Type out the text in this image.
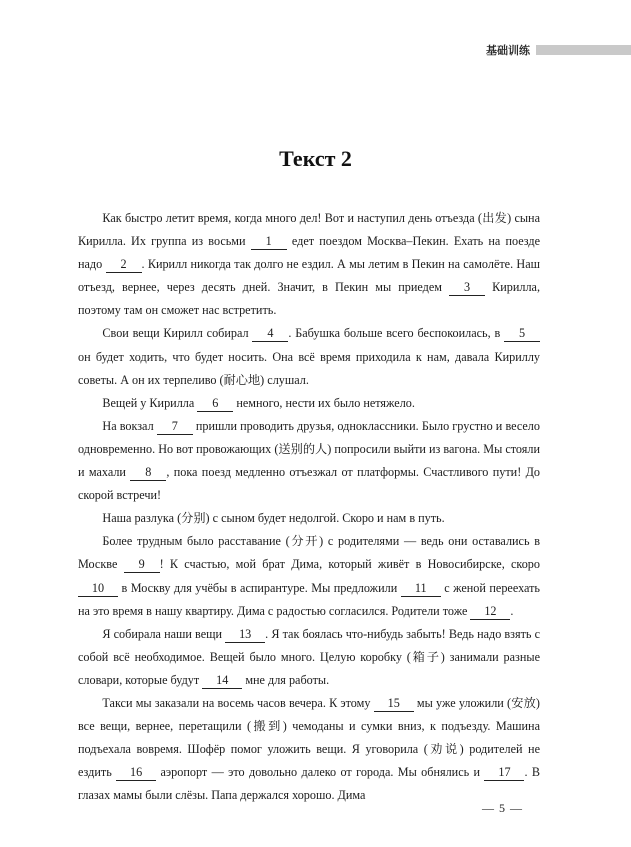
基础训练
Текст 2

Как быстро летит время, когда много дел! Вот и наступил день отъезда (出发) сына Кирилла. Их группа из восьми 1 едет поездом Москва–Пекин. Ехать на поезде надо 2 . Кирилл никогда так долго не ездил. А мы летим в Пекин на самолёте. Наш отъезд, вернее, через десять дней. Значит, в Пекин мы приедем 3 Кирилла, поэтому там он сможет нас встретить.

Свои вещи Кирилл собирал 4 . Бабушка больше всего беспокоилась, в 5 он будет ходить, что будет носить. Она всё время приходила к нам, давала Кириллу советы. А он их терпеливо (耐心地) слушал.

Вещей у Кирилла 6 немного, нести их было нетяжело.

На вокзал 7 пришли проводить друзья, одноклассники. Было грустно и весело одновременно. Но вот провожающих (送别的人) попросили выйти из вагона. Мы стояли и махали 8 , пока поезд медленно отъезжал от платформы. Счастливого пути! До скорой встречи!

Наша разлука (分别) с сыном будет недолгой. Скоро и нам в путь.

Более трудным было расставание (分开) с родителями — ведь они оставались в Москве 9 ! К счастью, мой брат Дима, который живёт в Новосибирске, скоро 10 в Москву для учёбы в аспирантуре. Мы предложили 11 с женой переехать на это время в нашу квартиру. Дима с радостью согласился. Родители тоже 12 .

Я собирала наши вещи 13 . Я так боялась что-нибудь забыть! Ведь надо взять с собой всё необходимое. Вещей было много. Целую коробку (箱子) занимали разные словари, которые будут 14 мне для работы.

Такси мы заказали на восемь часов вечера. К этому 15 мы уже уложили (安放) все вещи, вернее, перетащили (搬到) чемоданы и сумки вниз, к подъезду. Машина подъехала вовремя. Шофёр помог уложить вещи. Я уговорила (劝说) родителей не ездить 16 аэропорт — это довольно далеко от города. Мы обнялись и 17 . В глазах мамы были слёзы. Папа держался хорошо. Дима

— 5 —
